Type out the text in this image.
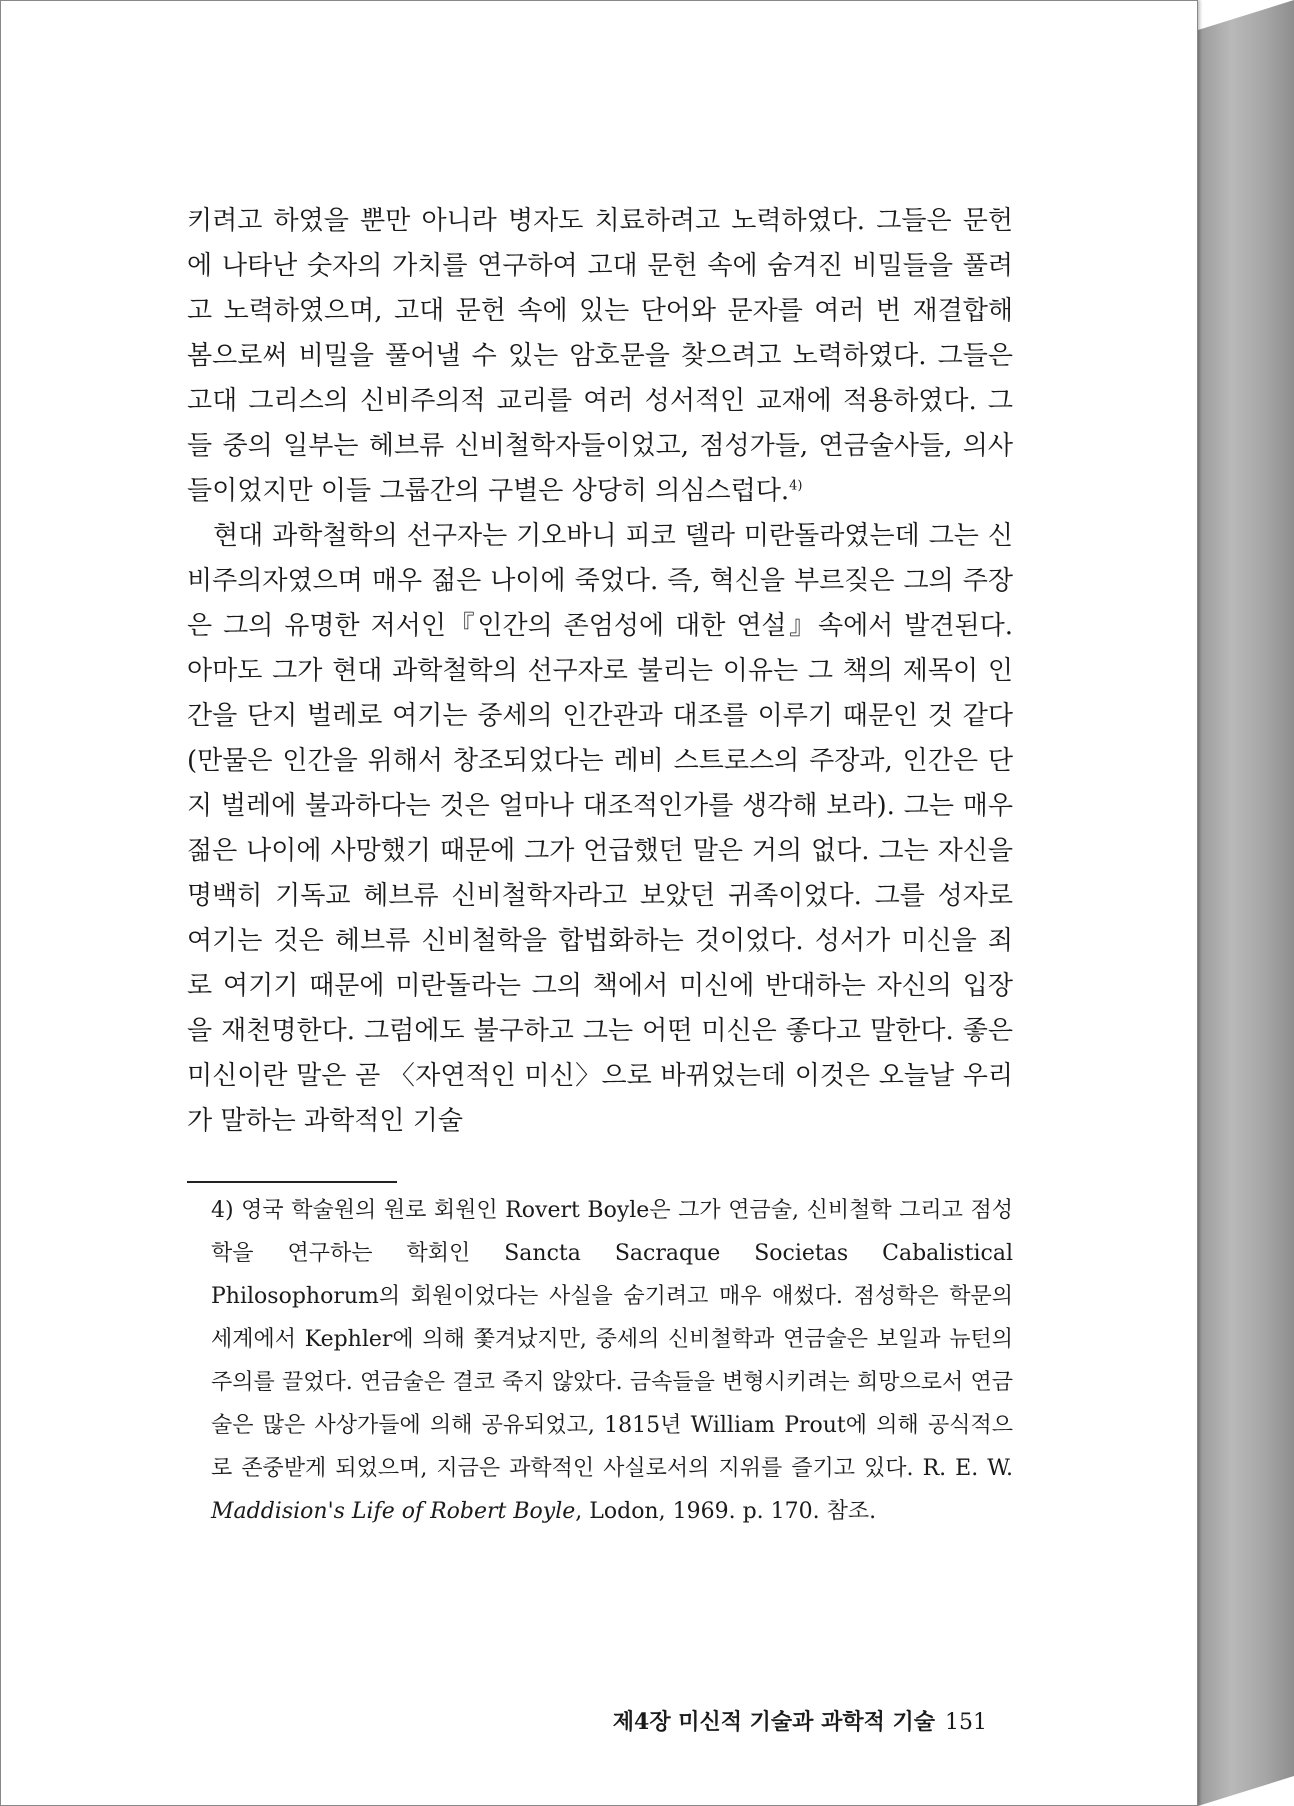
키려고 하였을 뿐만 아니라 병자도 치료하려고 노력하였다. 그들은 문헌에 나타난 숫자의 가치를 연구하여 고대 문헌 속에 숨겨진 비밀들을 풀려고 노력하였으며, 고대 문헌 속에 있는 단어와 문자를 여러 번 재결합해 봄으로써 비밀을 풀어낼 수 있는 암호문을 찾으려고 노력하였다. 그들은 고대 그리스의 신비주의적 교리를 여러 성서적인 교재에 적용하였다. 그들 중의 일부는 헤브류 신비철학자들이었고, 점성가들, 연금술사들, 의사들이었지만 이들 그룹간의 구별은 상당히 의심스럽다.$^{4)}$

현대 과학철학의 선구자는 기오바니 피코 델라 미란돌라였는데 그는 신비주의자였으며 매우 젊은 나이에 죽었다. 즉, 혁신을 부르짖은 그의 주장은 그의 유명한 저서인『인간의 존엄성에 대한 연설』속에서 발견된다. 아마도 그가 현대 과학철학의 선구자로 불리는 이유는 그 책의 제목이 인간을 단지 벌레로 여기는 중세의 인간관과 대조를 이루기 때문인 것 같다(만물은 인간을 위해서 창조되었다는 레비 스트로스의 주장과, 인간은 단지 벌레에 불과하다는 것은 얼마나 대조적인가를 생각해 보라). 그는 매우 젊은 나이에 사망했기 때문에 그가 언급했던 말은 거의 없다. 그는 자신을 명백히 기독교 헤브류 신비철학자라고 보았던 귀족이었다. 그를 성자로 여기는 것은 헤브류 신비철학을 합법화하는 것이었다. 성서가 미신을 죄로 여기기 때문에 미란돌라는 그의 책에서 미신에 반대하는 자신의 입장을 재천명한다. 그럼에도 불구하고 그는 어떤 미신은 좋다고 말한다. 좋은 미신이란 말은 곧 〈자연적인 미신〉으로 바뀌었는데 이것은 오늘날 우리가 말하는 과학적인 기술

4) 영국 학술원의 원로 회원인 Rovert Boyle은 그가 연금술, 신비철학 그리고 점성학을 연구하는 학회인 Sancta Sacraque Societas Cabalistical Philosophorum의 회원이었다는 사실을 숨기려고 매우 애썼다. 점성학은 학문의 세계에서 Kephler에 의해 쫓겨났지만, 중세의 신비철학과 연금술은 보일과 뉴턴의 주의를 끌었다. 연금술은 결코 죽지 않았다. 금속들을 변형시키려는 희망으로서 연금술은 많은 사상가들에 의해 공유되었고, 1815년 William Prout에 의해 공식적으로 존중받게 되었으며, 지금은 과학적인 사실로서의 지위를 즐기고 있다. R. E. W. Maddision's Life of Robert Boyle, Lodon, 1969. p. 170. 참조.
제4장 미신적 기술과 과학적 기술 151
